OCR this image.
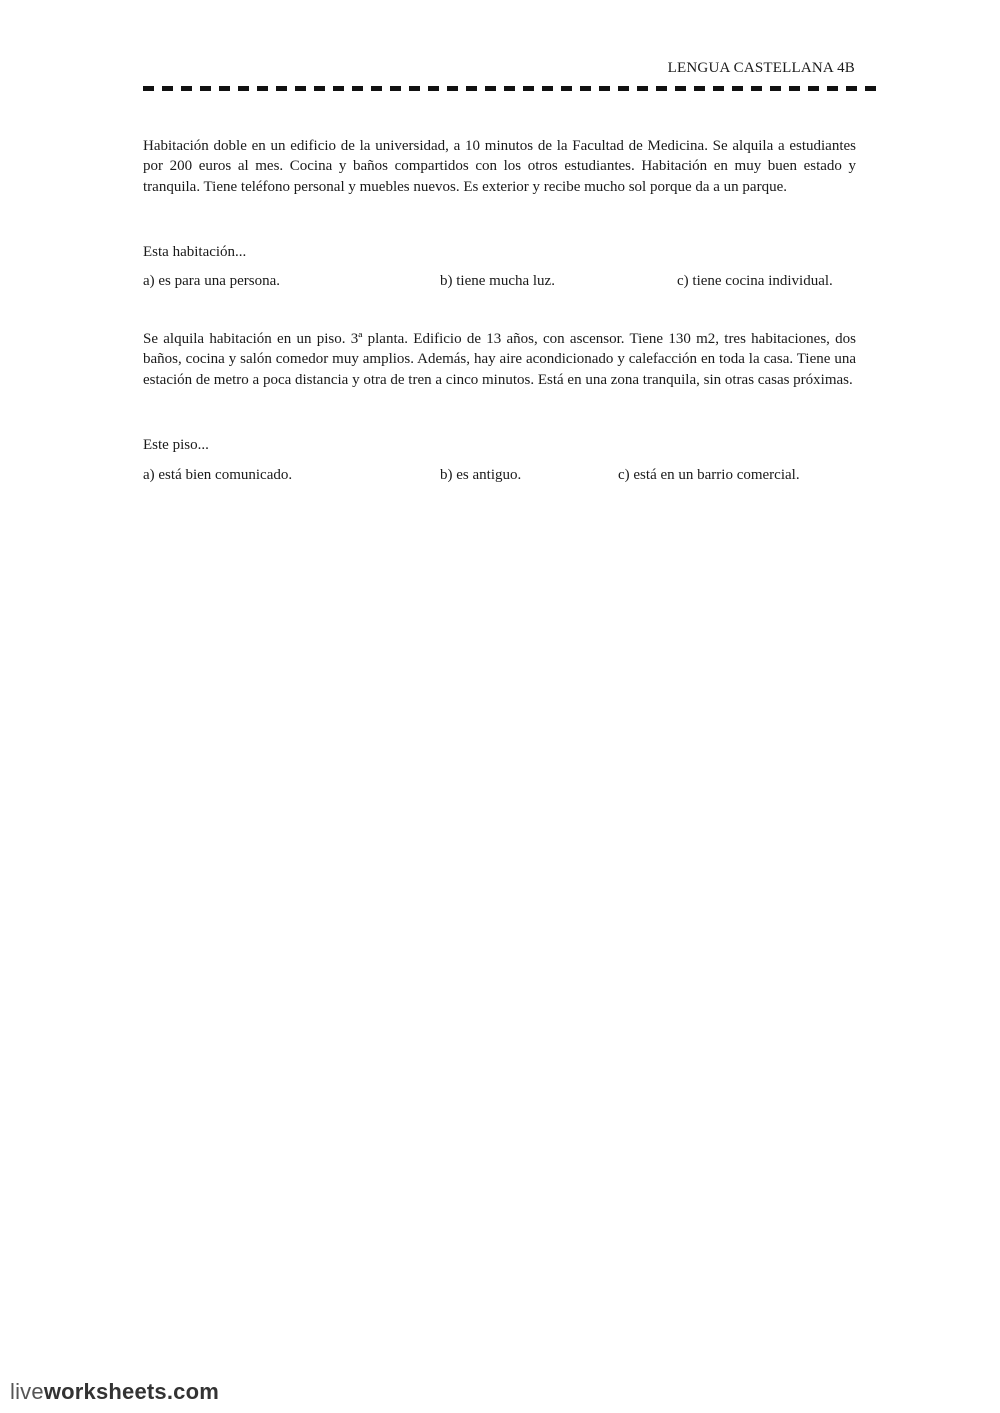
LENGUA CASTELLANA 4B

Habitación doble en un edificio de la universidad, a 10 minutos de la Facultad de Medicina. Se alquila a estudiantes por 200 euros al mes. Cocina y baños compartidos con los otros estudiantes. Habitación en muy buen estado y tranquila. Tiene teléfono personal y muebles nuevos. Es exterior y recibe mucho sol porque da a un parque.

Esta habitación...
a) es para una persona.	b) tiene mucha luz.	c) tiene cocina individual.

Se alquila habitación en un piso. 3ª planta. Edificio de 13 años, con ascensor. Tiene 130 m2, tres habitaciones, dos baños, cocina y salón comedor muy amplios. Además, hay aire acondicionado y calefacción en toda la casa. Tiene una estación de metro a poca distancia y otra de tren a cinco minutos. Está en una zona tranquila, sin otras casas próximas.

Este piso...
a) está bien comunicado.	b) es antiguo.	c) está en un barrio comercial.
liveworksheets.com
